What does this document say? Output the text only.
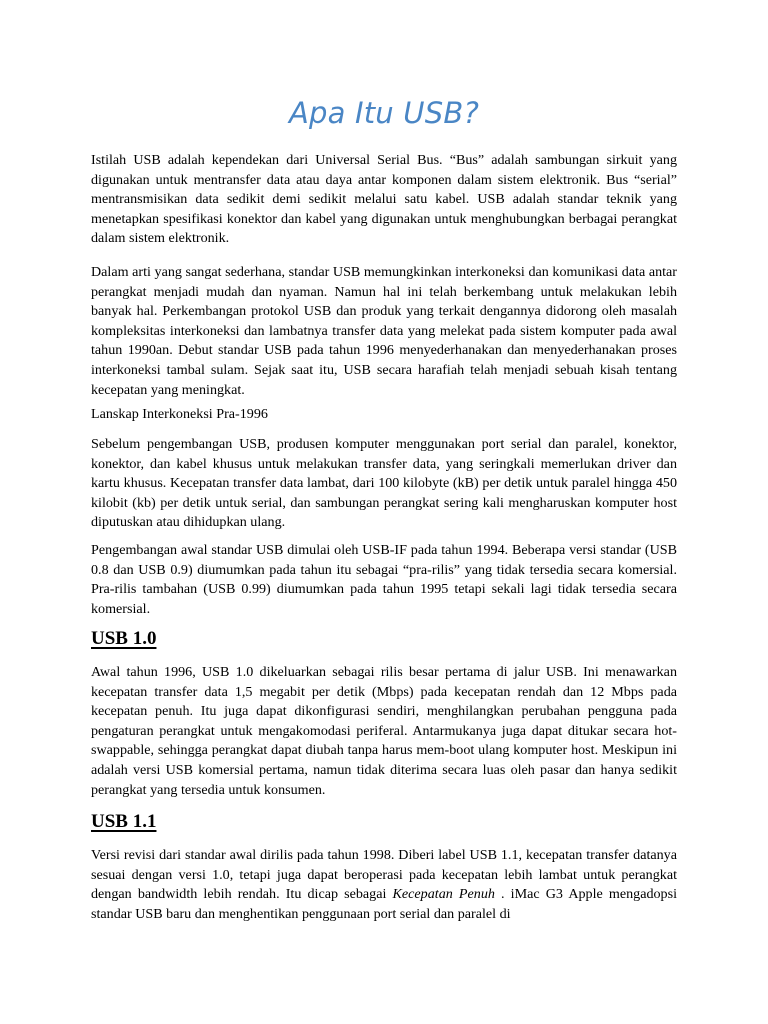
Apa Itu USB?

Istilah USB adalah kependekan dari Universal Serial Bus. “Bus” adalah sambungan sirkuit yang digunakan untuk mentransfer data atau daya antar komponen dalam sistem elektronik. Bus “serial” mentransmisikan data sedikit demi sedikit melalui satu kabel. USB adalah standar teknik yang menetapkan spesifikasi konektor dan kabel yang digunakan untuk menghubungkan berbagai perangkat dalam sistem elektronik.

Dalam arti yang sangat sederhana, standar USB memungkinkan interkoneksi dan komunikasi data antar perangkat menjadi mudah dan nyaman. Namun hal ini telah berkembang untuk melakukan lebih banyak hal. Perkembangan protokol USB dan produk yang terkait dengannya didorong oleh masalah kompleksitas interkoneksi dan lambatnya transfer data yang melekat pada sistem komputer pada awal tahun 1990an. Debut standar USB pada tahun 1996 menyederhanakan dan menyederhanakan proses interkoneksi tambal sulam. Sejak saat itu, USB secara harafiah telah menjadi sebuah kisah tentang kecepatan yang meningkat.

Lanskap Interkoneksi Pra-1996

Sebelum pengembangan USB, produsen komputer menggunakan port serial dan paralel, konektor, konektor, dan kabel khusus untuk melakukan transfer data, yang seringkali memerlukan driver dan kartu khusus. Kecepatan transfer data lambat, dari 100 kilobyte (kB) per detik untuk paralel hingga 450 kilobit (kb) per detik untuk serial, dan sambungan perangkat sering kali mengharuskan komputer host diputuskan atau dihidupkan ulang.

Pengembangan awal standar USB dimulai oleh USB-IF pada tahun 1994. Beberapa versi standar (USB 0.8 dan USB 0.9) diumumkan pada tahun itu sebagai “pra-rilis” yang tidak tersedia secara komersial. Pra-rilis tambahan (USB 0.99) diumumkan pada tahun 1995 tetapi sekali lagi tidak tersedia secara komersial.

USB 1.0

Awal tahun 1996, USB 1.0 dikeluarkan sebagai rilis besar pertama di jalur USB. Ini menawarkan kecepatan transfer data 1,5 megabit per detik (Mbps) pada kecepatan rendah dan 12 Mbps pada kecepatan penuh. Itu juga dapat dikonfigurasi sendiri, menghilangkan perubahan pengguna pada pengaturan perangkat untuk mengakomodasi periferal. Antarmukanya juga dapat ditukar secara hot-swappable, sehingga perangkat dapat diubah tanpa harus mem-boot ulang komputer host. Meskipun ini adalah versi USB komersial pertama, namun tidak diterima secara luas oleh pasar dan hanya sedikit perangkat yang tersedia untuk konsumen.

USB 1.1

Versi revisi dari standar awal dirilis pada tahun 1998. Diberi label USB 1.1, kecepatan transfer datanya sesuai dengan versi 1.0, tetapi juga dapat beroperasi pada kecepatan lebih lambat untuk perangkat dengan bandwidth lebih rendah. Itu dicap sebagai Kecepatan Penuh . iMac G3 Apple mengadopsi standar USB baru dan menghentikan penggunaan port serial dan paralel di
